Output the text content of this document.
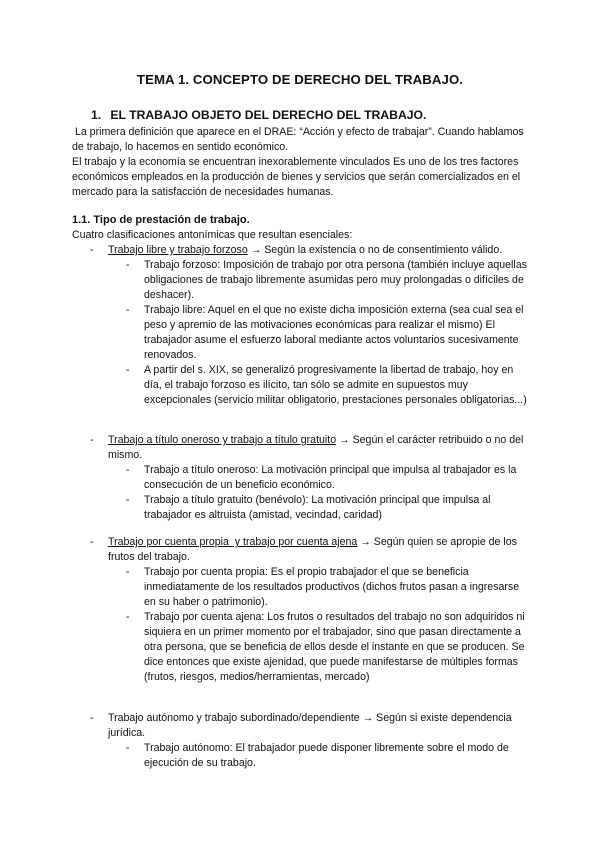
TEMA 1. CONCEPTO DE DERECHO DEL TRABAJO.
1. EL TRABAJO OBJETO DEL DERECHO DEL TRABAJO.

La primera definición que aparece en el DRAE: “Acción y efecto de trabajar”. Cuando hablamos de trabajo, lo hacemos en sentido económico.

El trabajo y la economía se encuentran inexorablemente vinculados Es uno de los tres factores económicos empleados en la producción de bienes y servicios que serán comercializados en el mercado para la satisfacción de necesidades humanas.

1.1. Tipo de prestación de trabajo.
Cuatro clasificaciones antonímicas que resultan esenciales:
- Trabajo libre y trabajo forzoso → Según la existencia o no de consentimiento válido.
- Trabajo forzoso: Imposición de trabajo por otra persona (también incluye aquellas obligaciones de trabajo libremente asumidas pero muy prolongadas o difíciles de deshacer).
- Trabajo libre: Aquel en el que no existe dicha imposición externa (sea cual sea el peso y apremio de las motivaciones económicas para realizar el mismo) El trabajador asume el esfuerzo laboral mediante actos voluntarios sucesivamente renovados.
- A partir del s. XIX, se generalizó progresivamente la libertad de trabajo, hoy en día, el trabajo forzoso es ilícito, tan sólo se admite en supuestos muy excepcionales (servicio militar obligatorio, prestaciones personales obligatorias...)
- Trabajo a título oneroso y trabajo a título gratuito → Según el carácter retribuido o no del mismo.
- Trabajo a título oneroso: La motivación principal que impulsa al trabajador es la consecución de un beneficio económico.
- Trabajo a título gratuito (benévolo): La motivación principal que impulsa al trabajador es altruista (amistad, vecindad, caridad)
- Trabajo por cuenta propia  y trabajo por cuenta ajena → Según quien se apropie de los frutos del trabajo.
- Trabajo por cuenta propia: Es el propio trabajador el que se beneficia inmediatamente de los resultados productivos (dichos frutos pasan a ingresarse en su haber o patrimonio).
- Trabajo por cuenta ajena: Los frutos o resultados del trabajo no son adquiridos ni siquiera en un primer momento por el trabajador, sino que pasan directamente a otra persona, que se beneficia de ellos desde el instante en que se producen. Se dice entonces que existe ajenidad, que puede manifestarse de múltiples formas (frutos, riesgos, medios/herramientas, mercado)
- Trabajo autónomo y trabajo subordinado/dependiente → Según si existe dependencia jurídica.
- Trabajo autónomo: El trabajador puede disponer libremente sobre el modo de ejecución de su trabajo.
